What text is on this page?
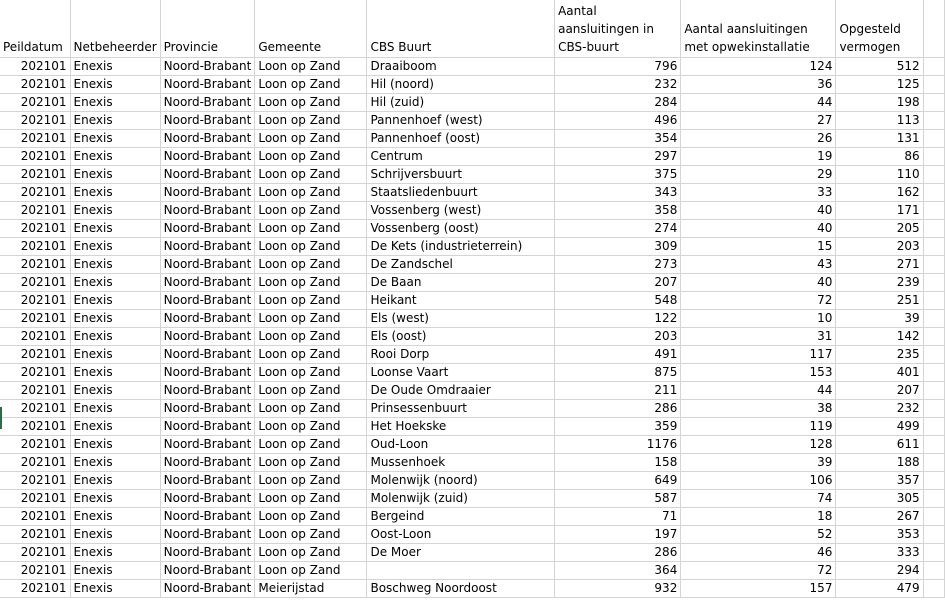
Peildatum	Netbeheerder	Provincie	Gemeente	CBS Buurt	Aantal aansluitingen in CBS-buurt	Aantal aansluitingen met opwekinstallatie	Opgesteld vermogen	

202101	Enexis	Noord-Brabant	Loon op Zand	Draaiboom	796	124	512	
202101	Enexis	Noord-Brabant	Loon op Zand	Hil (noord)	232	36	125	
202101	Enexis	Noord-Brabant	Loon op Zand	Hil (zuid)	284	44	198	
202101	Enexis	Noord-Brabant	Loon op Zand	Pannenhoef (west)	496	27	113	
202101	Enexis	Noord-Brabant	Loon op Zand	Pannenhoef (oost)	354	26	131	
202101	Enexis	Noord-Brabant	Loon op Zand	Centrum	297	19	86	
202101	Enexis	Noord-Brabant	Loon op Zand	Schrijversbuurt	375	29	110	
202101	Enexis	Noord-Brabant	Loon op Zand	Staatsliedenbuurt	343	33	162	
202101	Enexis	Noord-Brabant	Loon op Zand	Vossenberg (west)	358	40	171	
202101	Enexis	Noord-Brabant	Loon op Zand	Vossenberg (oost)	274	40	205	
202101	Enexis	Noord-Brabant	Loon op Zand	De Kets (industrieterrein)	309	15	203	
202101	Enexis	Noord-Brabant	Loon op Zand	De Zandschel	273	43	271	
202101	Enexis	Noord-Brabant	Loon op Zand	De Baan	207	40	239	
202101	Enexis	Noord-Brabant	Loon op Zand	Heikant	548	72	251	
202101	Enexis	Noord-Brabant	Loon op Zand	Els (west)	122	10	39	
202101	Enexis	Noord-Brabant	Loon op Zand	Els (oost)	203	31	142	
202101	Enexis	Noord-Brabant	Loon op Zand	Rooi Dorp	491	117	235	
202101	Enexis	Noord-Brabant	Loon op Zand	Loonse Vaart	875	153	401	
202101	Enexis	Noord-Brabant	Loon op Zand	De Oude Omdraaier	211	44	207	
202101	Enexis	Noord-Brabant	Loon op Zand	Prinsessenbuurt	286	38	232	
202101	Enexis	Noord-Brabant	Loon op Zand	Het Hoekske	359	119	499	
202101	Enexis	Noord-Brabant	Loon op Zand	Oud-Loon	1176	128	611	
202101	Enexis	Noord-Brabant	Loon op Zand	Mussenhoek	158	39	188	
202101	Enexis	Noord-Brabant	Loon op Zand	Molenwijk (noord)	649	106	357	
202101	Enexis	Noord-Brabant	Loon op Zand	Molenwijk (zuid)	587	74	305	
202101	Enexis	Noord-Brabant	Loon op Zand	Bergeind	71	18	267	
202101	Enexis	Noord-Brabant	Loon op Zand	Oost-Loon	197	52	353	
202101	Enexis	Noord-Brabant	Loon op Zand	De Moer	286	46	333	
202101	Enexis	Noord-Brabant	Loon op Zand		364	72	294	
202101	Enexis	Noord-Brabant	Meierijstad	Boschweg Noordoost	932	157	479	
